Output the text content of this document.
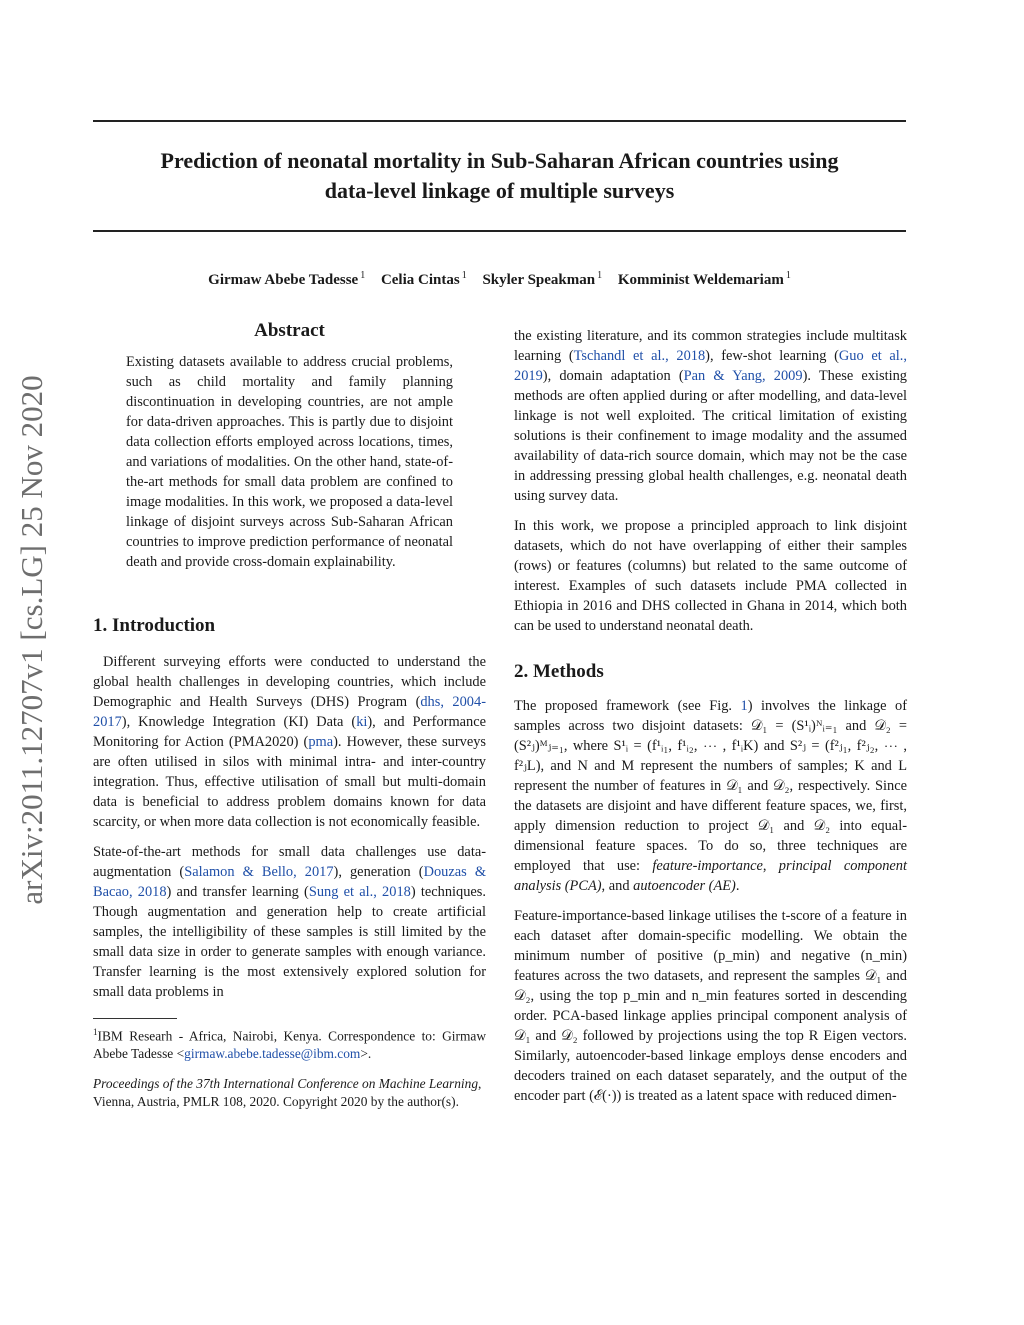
Prediction of neonatal mortality in Sub-Saharan African countries using
data-level linkage of multiple surveys
Girmaw Abebe Tadesse $^1$ Celia Cintas $^1$ Skyler Speakman $^1$ Komminist Weldemariam $^1$
arXiv:2011.12707v1 [cs.LG] 25 Nov 2020
Abstract
Existing datasets available to address crucial problems, such as child mortality and family planning discontinuation in developing countries, are not ample for data-driven approaches. This is partly due to disjoint data collection efforts employed across locations, times, and variations of modalities. On the other hand, state-of-the-art methods for small data problem are confined to image modalities. In this work, we proposed a data-level linkage of disjoint surveys across Sub-Saharan African countries to improve prediction performance of neonatal death and provide cross-domain explainability.
1. Introduction

Different surveying efforts were conducted to understand the global health challenges in developing countries, which include Demographic and Health Surveys (DHS) Program (dhs, 2004-2017), Knowledge Integration (KI) Data (ki), and Performance Monitoring for Action (PMA2020) (pma). However, these surveys are often utilised in silos with minimal intra- and inter-country integration. Thus, effective utilisation of small but multi-domain data is beneficial to address problem domains known for data scarcity, or when more data collection is not economically feasible.

State-of-the-art methods for small data challenges use data-augmentation (Salamon & Bello, 2017), generation (Douzas & Bacao, 2018) and transfer learning (Sung et al., 2018) techniques. Though augmentation and generation help to create artificial samples, the intelligibility of these samples is still limited by the small data size in order to generate samples with enough variance. Transfer learning is the most extensively explored solution for small data problems in

$^1$IBM Researh - Africa, Nairobi, Kenya. Correspondence to: Girmaw Abebe Tadesse <girmaw.abebe.tadesse@ibm.com>.

Proceedings of the 37th International Conference on Machine Learning, Vienna, Austria, PMLR 108, 2020. Copyright 2020 by the author(s).

the existing literature, and its common strategies include multitask learning (Tschandl et al., 2018), few-shot learning (Guo et al., 2019), domain adaptation (Pan & Yang, 2009). These existing methods are often applied during or after modelling, and data-level linkage is not well exploited. The critical limitation of existing solutions is their confinement to image modality and the assumed availability of data-rich source domain, which may not be the case in addressing pressing global health challenges, e.g. neonatal death using survey data.

In this work, we propose a principled approach to link disjoint datasets, which do not have overlapping of either their samples (rows) or features (columns) but related to the same outcome of interest. Examples of such datasets include PMA collected in Ethiopia in 2016 and DHS collected in Ghana in 2014, which both can be used to understand neonatal death.

2. Methods

The proposed framework (see Fig. 1) involves the linkage of samples across two disjoint datasets: 𝒟₁ = (S¹ᵢ)ᴺᵢ₌₁ and 𝒟₂ = (S²ⱼ)ᴹⱼ₌₁, where S¹ᵢ = (f¹ᵢ₁, f¹ᵢ₂, ⋯ , f¹ᵢK) and S²ⱼ = (f²ⱼ₁, f²ⱼ₂, ⋯ , f²ⱼL), and N and M represent the numbers of samples; K and L represent the number of features in 𝒟₁ and 𝒟₂, respectively. Since the datasets are disjoint and have different feature spaces, we, first, apply dimension reduction to project 𝒟₁ and 𝒟₂ into equal-dimensional feature spaces. To do so, three techniques are employed that use: feature-importance, principal component analysis (PCA), and autoencoder (AE).

Feature-importance-based linkage utilises the t-score of a feature in each dataset after domain-specific modelling. We obtain the minimum number of positive (p_min) and negative (n_min) features across the two datasets, and represent the samples 𝒟₁ and 𝒟₂, using the top p_min and n_min features sorted in descending order. PCA-based linkage applies principal component analysis of 𝒟₁ and 𝒟₂ followed by projections using the top R Eigen vectors. Similarly, autoencoder-based linkage employs dense encoders and decoders trained on each dataset separately, and the output of the encoder part (ℰ(·)) is treated as a latent space with reduced dimen-
